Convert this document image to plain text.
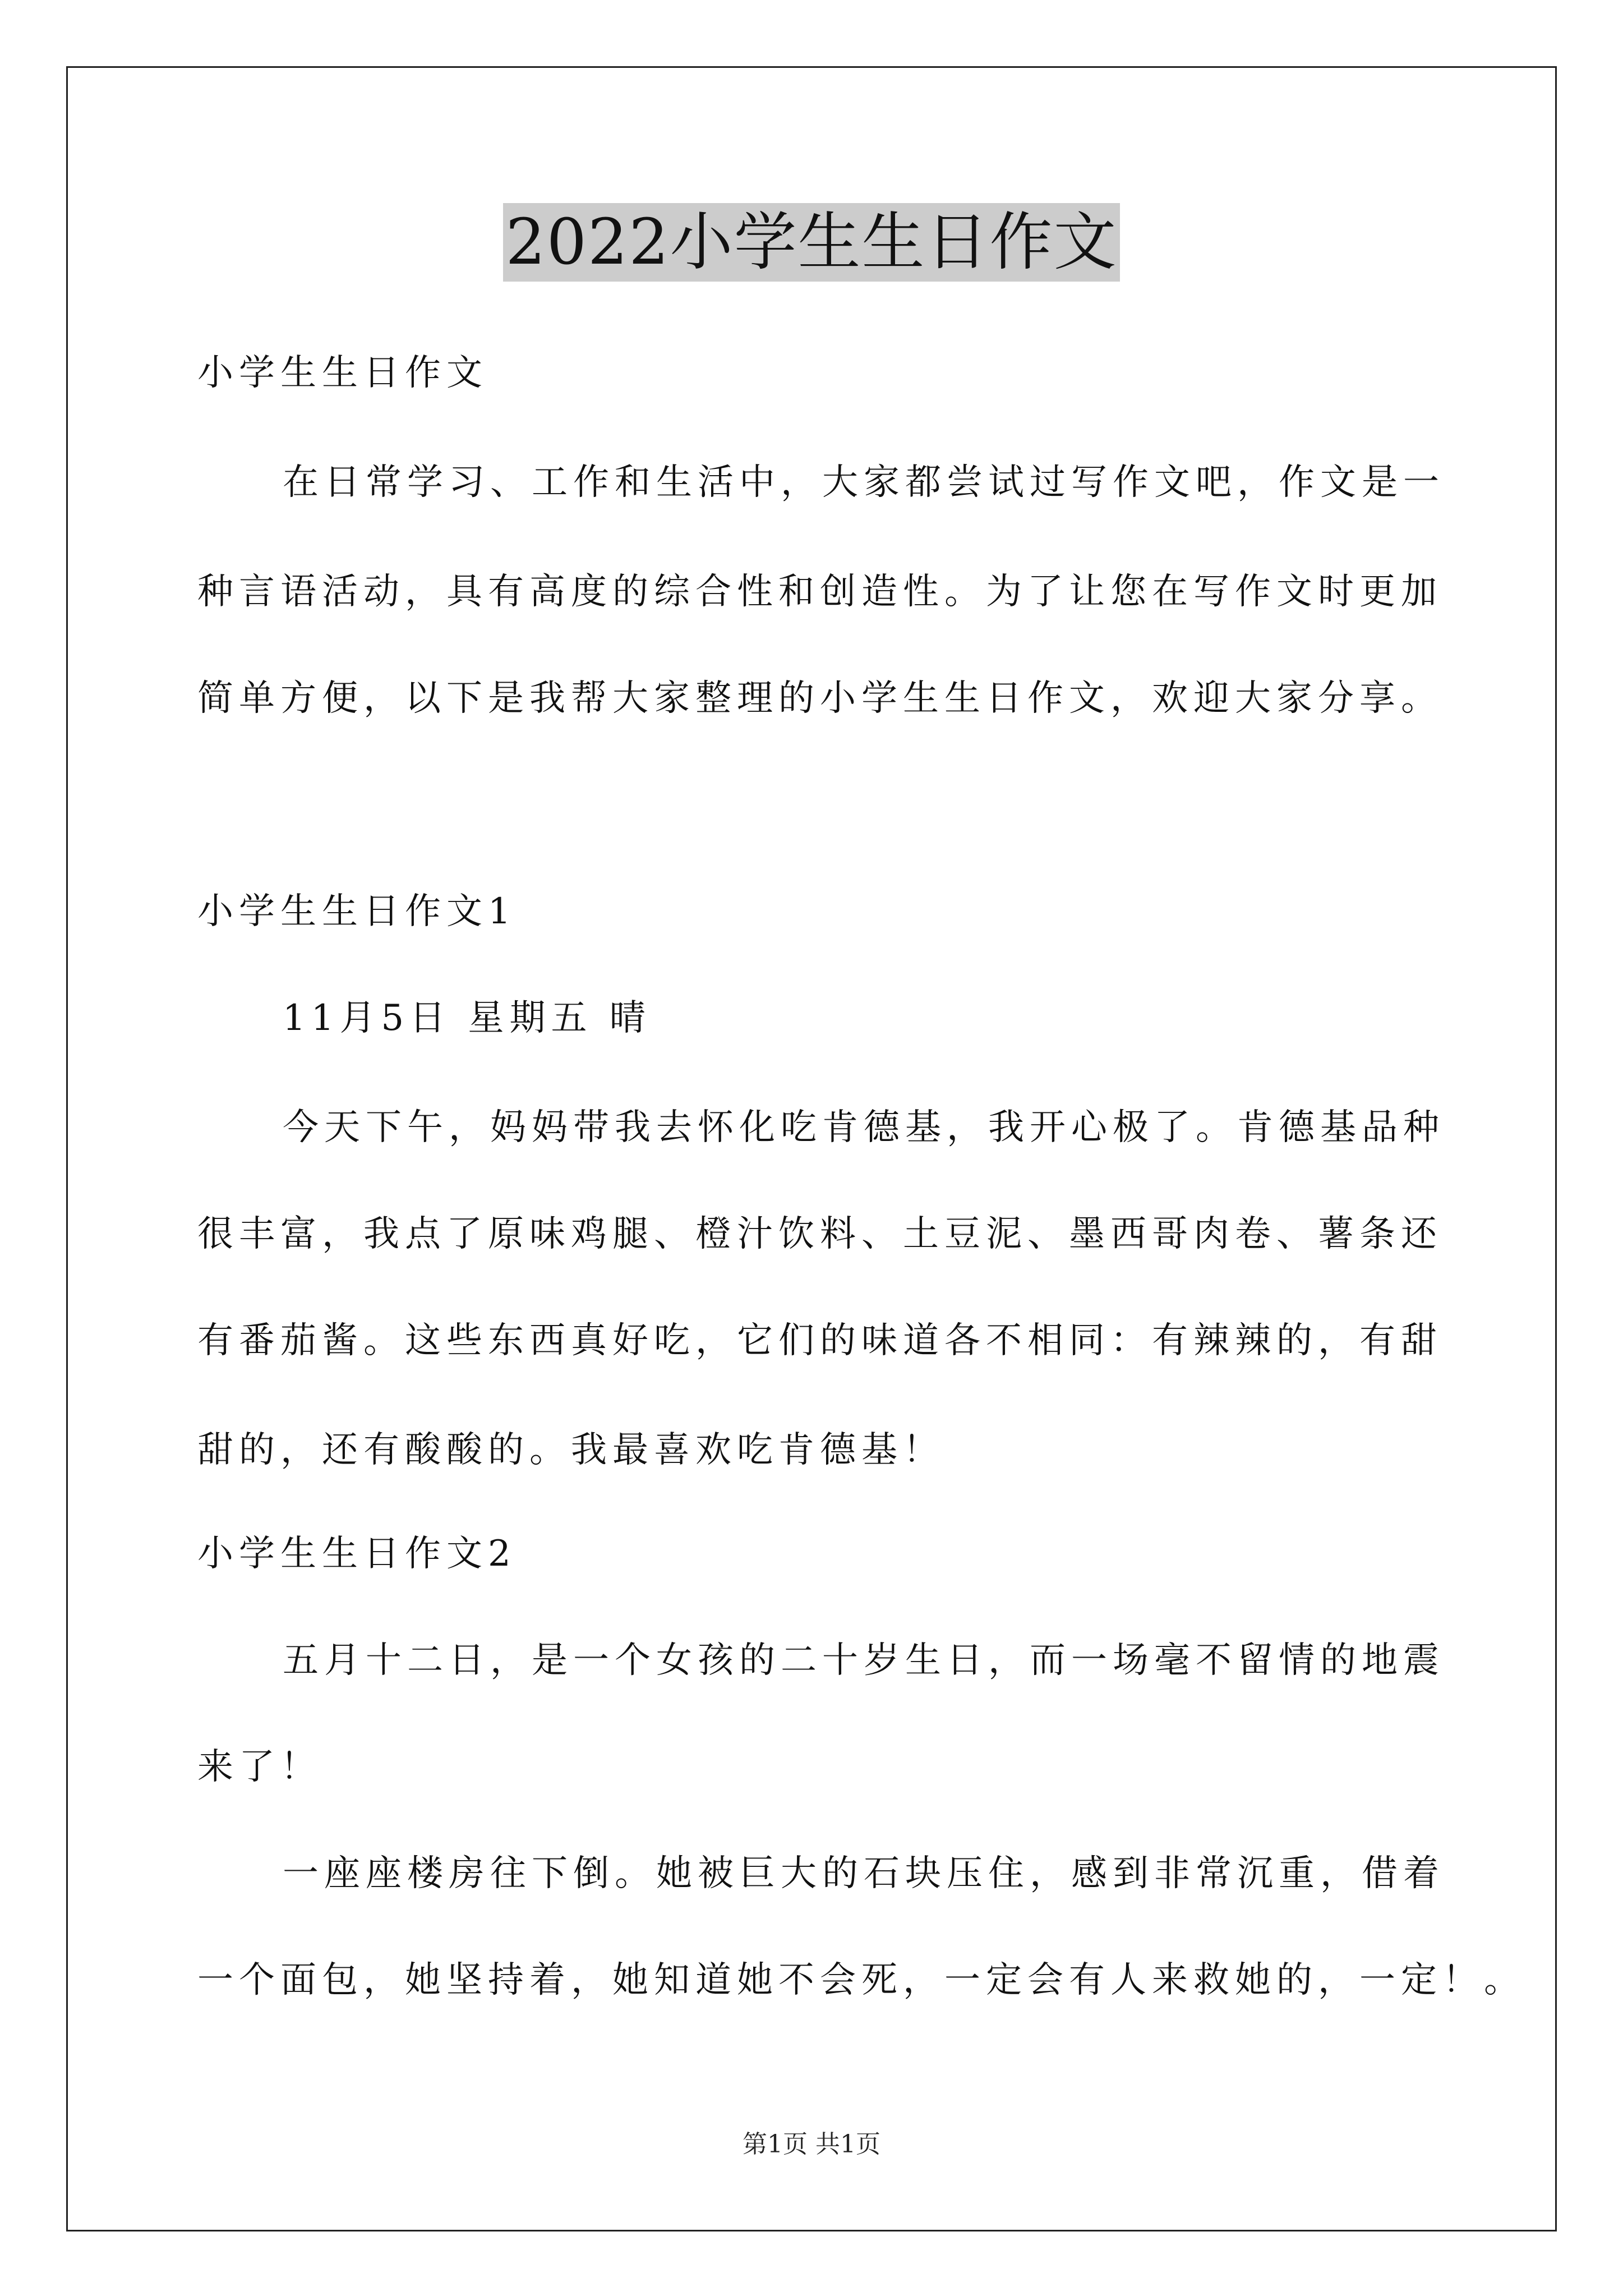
2022小学生生日作文
小学生生日作文
在日常学习、工作和生活中，大家都尝试过写作文吧，作文是一
种言语活动，具有高度的综合性和创造性。为了让您在写作文时更加
简单方便，以下是我帮大家整理的小学生生日作文，欢迎大家分享。
小学生生日作文1
11月5日 星期五 晴
今天下午，妈妈带我去怀化吃肯德基，我开心极了。肯德基品种
很丰富，我点了原味鸡腿、橙汁饮料、土豆泥、墨西哥肉卷、薯条还
有番茄酱。这些东西真好吃，它们的味道各不相同：有辣辣的，有甜
甜的，还有酸酸的。我最喜欢吃肯德基！
小学生生日作文2
五月十二日，是一个女孩的二十岁生日，而一场毫不留情的地震
来了！
一座座楼房往下倒。她被巨大的石块压住，感到非常沉重，借着
一个面包，她坚持着，她知道她不会死，一定会有人来救她的，一定！。
第1页 共1页
